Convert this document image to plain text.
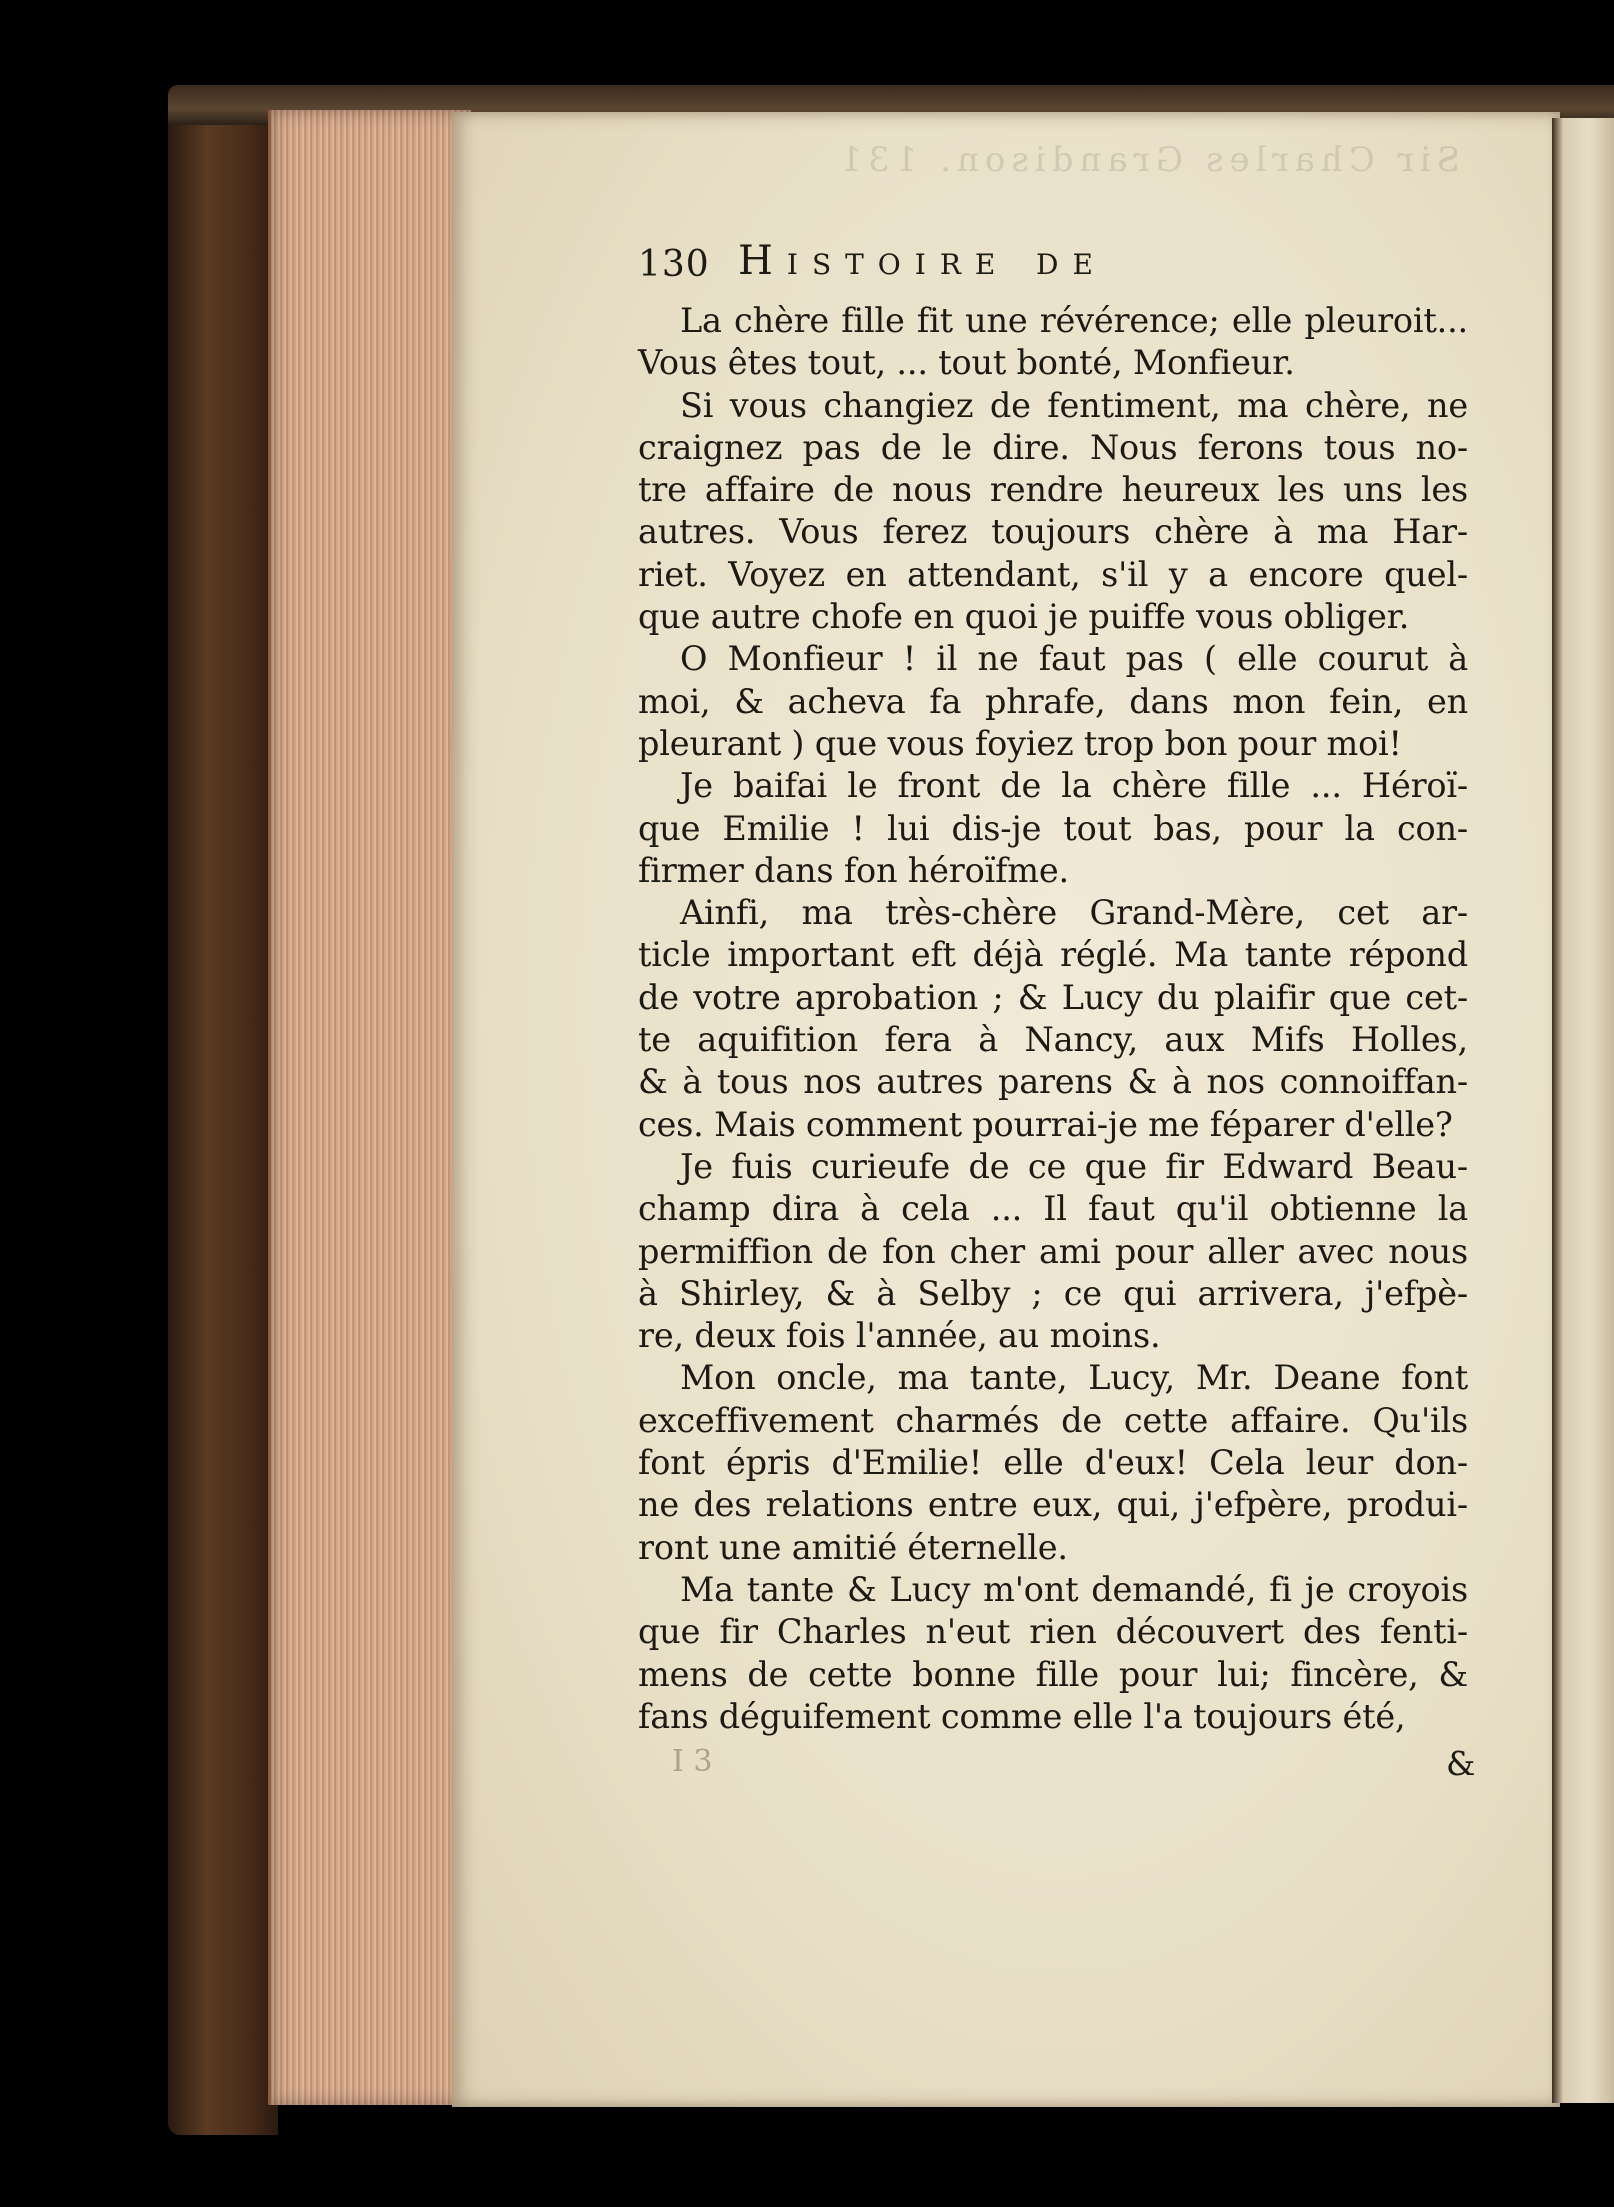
Sir Charles Grandison. 131
130 Histoire de
La chère fille fit une révérence; elle pleuroit...
Vous êtes tout, ... tout bonté, Monfieur.
Si vous changiez de fentiment, ma chère, ne
craignez pas de le dire. Nous ferons tous no-
tre affaire de nous rendre heureux les uns les
autres. Vous ferez toujours chère à ma Har-
riet. Voyez en attendant, s'il y a encore quel-
que autre chofe en quoi je puiffe vous obliger.
O Monfieur ! il ne faut pas ( elle courut à
moi, & acheva fa phrafe, dans mon fein, en
pleurant ) que vous foyiez trop bon pour moi!
Je baifai le front de la chère fille ... Héroï-
que Emilie ! lui dis-je tout bas, pour la con-
firmer dans fon héroïfme.
Ainfi, ma très-chère Grand-Mère, cet ar-
ticle important eft déjà réglé. Ma tante répond
de votre aprobation ; & Lucy du plaifir que cet-
te aquifition fera à Nancy, aux Mifs Holles,
& à tous nos autres parens & à nos connoiffan-
ces. Mais comment pourrai-je me féparer d'elle?
Je fuis curieufe de ce que fir Edward Beau-
champ dira à cela ... Il faut qu'il obtienne la
permiffion de fon cher ami pour aller avec nous
à Shirley, & à Selby ; ce qui arrivera, j'efpè-
re, deux fois l'année, au moins.
Mon oncle, ma tante, Lucy, Mr. Deane font
exceffivement charmés de cette affaire. Qu'ils
font épris d'Emilie! elle d'eux! Cela leur don-
ne des relations entre eux, qui, j'efpère, produi-
ront une amitié éternelle.
Ma tante & Lucy m'ont demandé, fi je croyois
que fir Charles n'eut rien découvert des fenti-
mens de cette bonne fille pour lui; fincère, &
fans déguifement comme elle l'a toujours été,
I 3	&
